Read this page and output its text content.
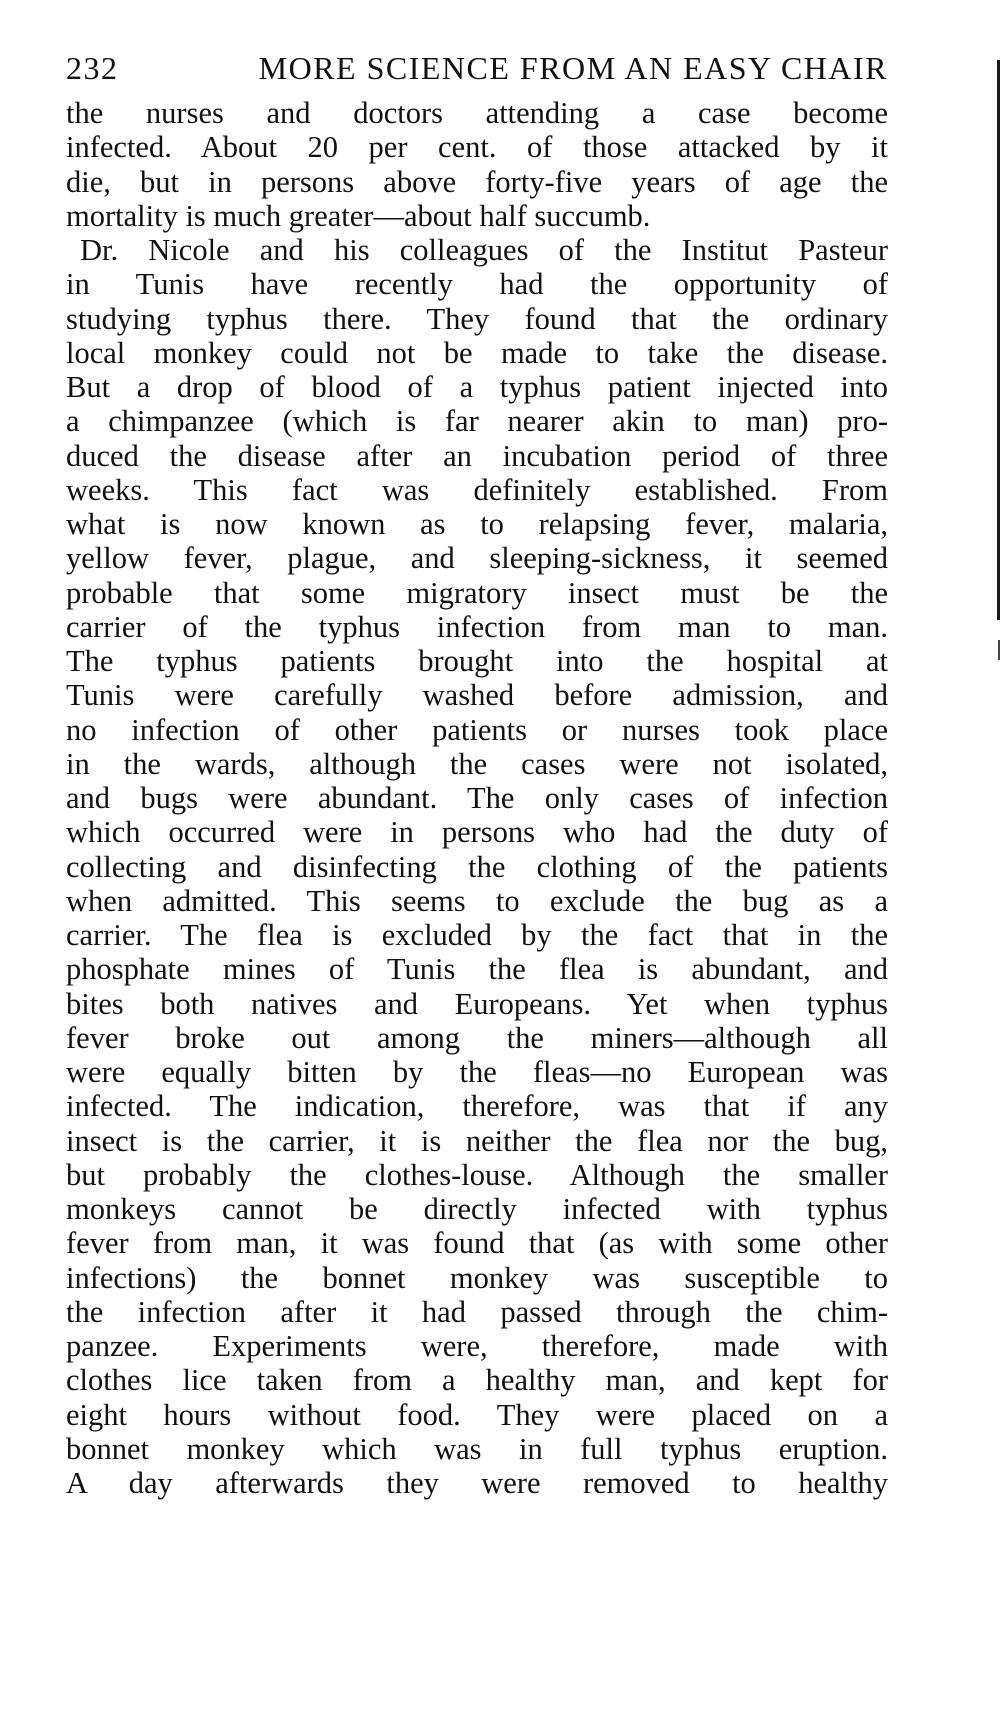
232	MORE SCIENCE FROM AN EASY CHAIR
the nurses and doctors attending a case become
infected. About 20 per cent. of those attacked by it
die, but in persons above forty-five years of age the
mortality is much greater—about half succumb.
Dr. Nicole and his colleagues of the Institut Pasteur
in Tunis have recently had the opportunity of
studying typhus there. They found that the ordinary
local monkey could not be made to take the disease.
But a drop of blood of a typhus patient injected into
a chimpanzee (which is far nearer akin to man) pro-
duced the disease after an incubation period of three
weeks. This fact was definitely established. From
what is now known as to relapsing fever, malaria,
yellow fever, plague, and sleeping-sickness, it seemed
probable that some migratory insect must be the
carrier of the typhus infection from man to man.
The typhus patients brought into the hospital at
Tunis were carefully washed before admission, and
no infection of other patients or nurses took place
in the wards, although the cases were not isolated,
and bugs were abundant. The only cases of infection
which occurred were in persons who had the duty of
collecting and disinfecting the clothing of the patients
when admitted. This seems to exclude the bug as a
carrier. The flea is excluded by the fact that in the
phosphate mines of Tunis the flea is abundant, and
bites both natives and Europeans. Yet when typhus
fever broke out among the miners—although all
were equally bitten by the fleas—no European was
infected. The indication, therefore, was that if any
insect is the carrier, it is neither the flea nor the bug,
but probably the clothes-louse. Although the smaller
monkeys cannot be directly infected with typhus
fever from man, it was found that (as with some other
infections) the bonnet monkey was susceptible to
the infection after it had passed through the chim-
panzee. Experiments were, therefore, made with
clothes lice taken from a healthy man, and kept for
eight hours without food. They were placed on a
bonnet monkey which was in full typhus eruption.
A day afterwards they were removed to healthy
